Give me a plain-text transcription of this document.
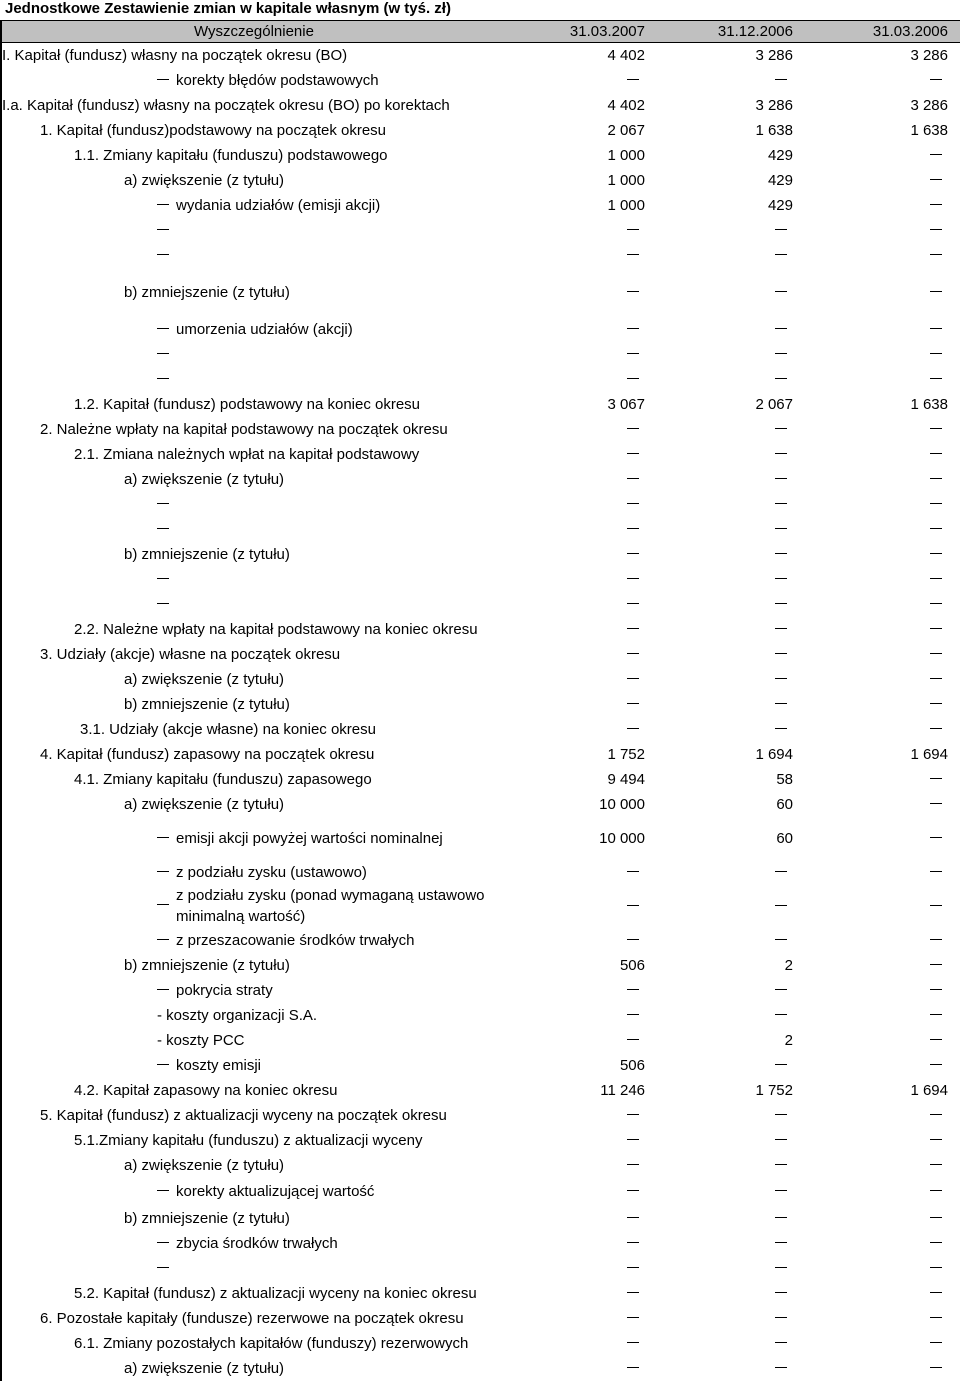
Jednostkowe Zestawienie zmian w kapitale własnym (w tyś. zł)
Wyszczególnienie	31.03.2007	31.12.2006	31.03.2006
I. Kapitał (fundusz) własny na początek okresu (BO)	4 402	3 286	3 286
korekty błędów podstawowych			
I.a. Kapitał (fundusz) własny na początek okresu (BO) po korektach	4 402	3 286	3 286
1. Kapitał (fundusz)podstawowy na początek okresu	2 067	1 638	1 638
1.1. Zmiany kapitału (funduszu) podstawowego	1 000	429	
a) zwiększenie (z tytułu)	1 000	429	
wydania udziałów (emisji akcji)	1 000	429	

b) zmniejszenie (z tytułu)			

umorzenia udziałów (akcji)			

1.2. Kapitał (fundusz) podstawowy na koniec okresu	3 067	2 067	1 638
2. Należne wpłaty na kapitał podstawowy na początek okresu			
2.1. Zmiana należnych wpłat na kapitał podstawowy			
a) zwiększenie (z tytułu)			

b) zmniejszenie (z tytułu)			

2.2. Należne wpłaty na kapitał podstawowy na koniec okresu			
3. Udziały (akcje) własne na początek okresu			
a) zwiększenie (z tytułu)			
b) zmniejszenie (z tytułu)			
3.1. Udziały (akcje własne) na koniec okresu			
4. Kapitał (fundusz) zapasowy na początek okresu	1 752	1 694	1 694
4.1. Zmiany kapitału (funduszu) zapasowego	9 494	58	
a) zwiększenie (z tytułu)	10 000	60	
emisji akcji powyżej wartości nominalnej	10 000	60	
z podziału zysku (ustawowo)			
z podziału zysku (ponad wymaganą ustawowo minimalną wartość)			
z przeszacowanie środków trwałych			
b) zmniejszenie (z tytułu)	506	2	
pokrycia straty			
- koszty organizacji S.A.			
- koszty PCC		2	
koszty emisji	506		
4.2. Kapitał zapasowy na koniec okresu	11 246	1 752	1 694
5. Kapitał (fundusz) z aktualizacji wyceny na początek okresu			
5.1.Zmiany kapitału (funduszu) z aktualizacji wyceny			
a) zwiększenie (z tytułu)			
korekty aktualizującej wartość			
b) zmniejszenie (z tytułu)			
zbycia środków trwałych			

5.2. Kapitał (fundusz) z aktualizacji wyceny na koniec okresu			
6. Pozostałe kapitały (fundusze) rezerwowe na początek okresu			
6.1. Zmiany pozostałych kapitałów (funduszy) rezerwowych			
a) zwiększenie (z tytułu)			
